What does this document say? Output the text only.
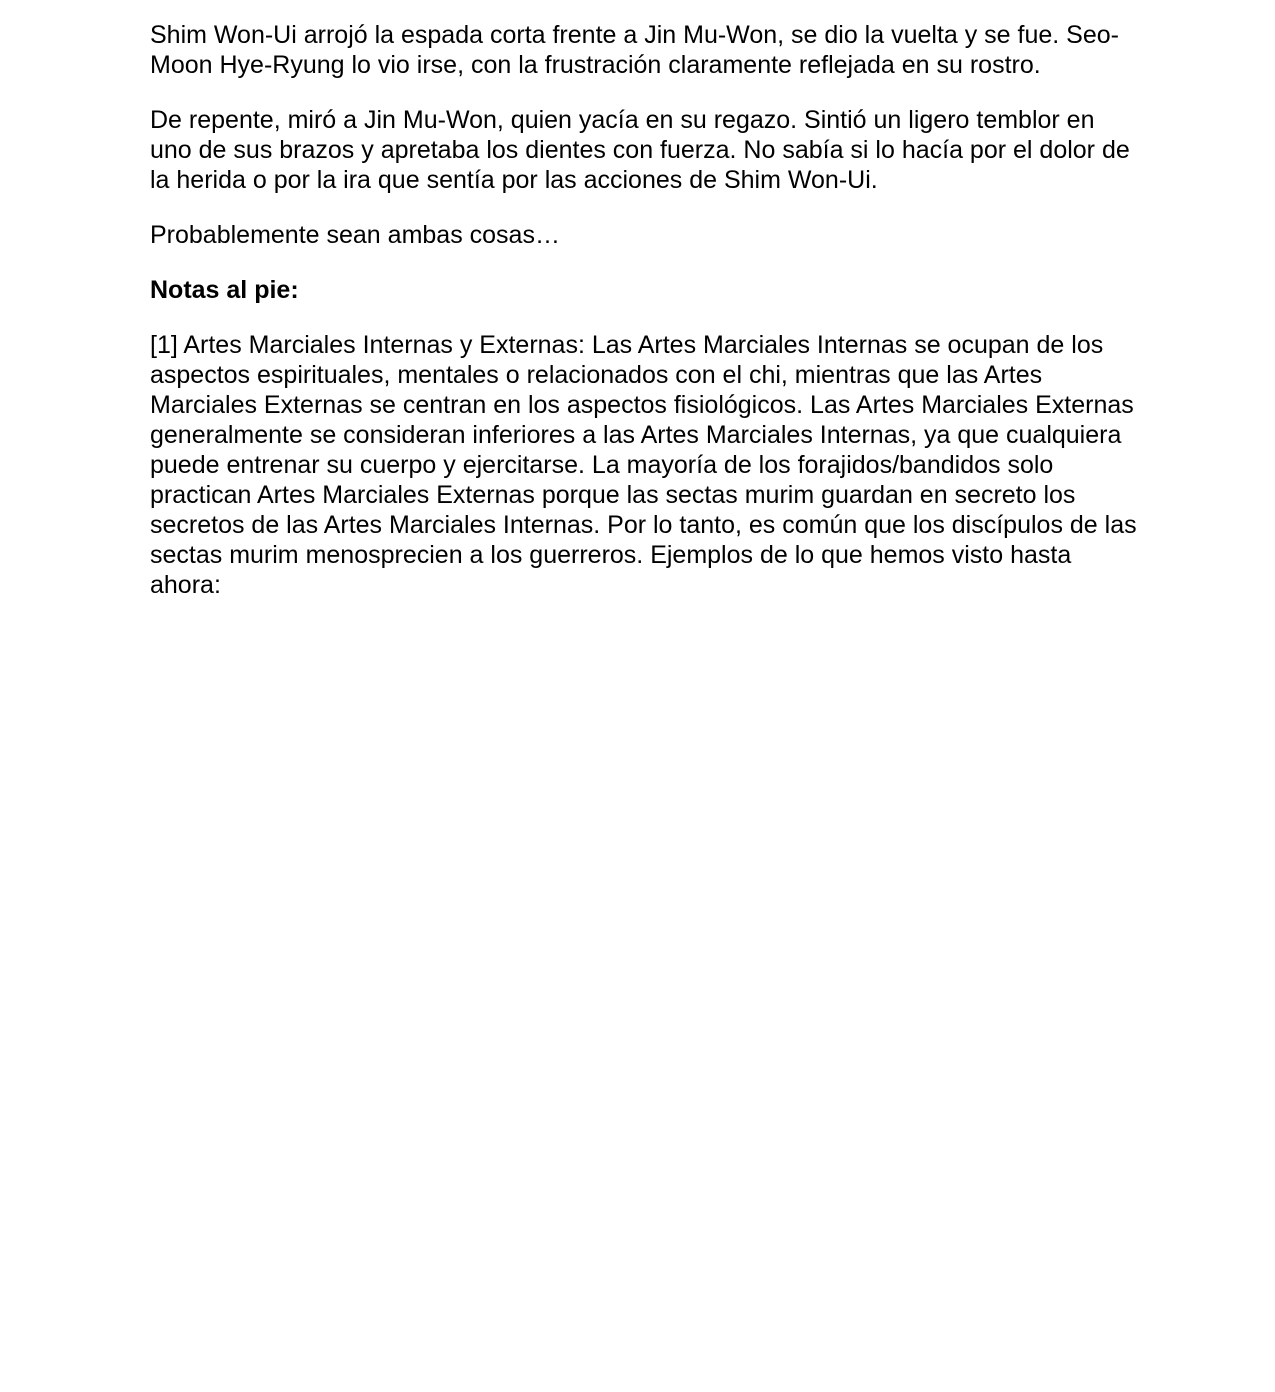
Shim Won-Ui arrojó la espada corta frente a Jin Mu-Won, se dio la vuelta y se fue. Seo-Moon Hye-Ryung lo vio irse, con la frustración claramente reflejada en su rostro.

De repente, miró a Jin Mu-Won, quien yacía en su regazo. Sintió un ligero temblor en uno de sus brazos y apretaba los dientes con fuerza. No sabía si lo hacía por el dolor de la herida o por la ira que sentía por las acciones de Shim Won-Ui.

Probablemente sean ambas cosas…

Notas al pie:

[1] Artes Marciales Internas y Externas: Las Artes Marciales Internas se ocupan de los aspectos espirituales, mentales o relacionados con el chi, mientras que las Artes Marciales Externas se centran en los aspectos fisiológicos. Las Artes Marciales Externas generalmente se consideran inferiores a las Artes Marciales Internas, ya que cualquiera puede entrenar su cuerpo y ejercitarse. La mayoría de los forajidos/bandidos solo practican Artes Marciales Externas porque las sectas murim guardan en secreto los secretos de las Artes Marciales Internas. Por lo tanto, es común que los discípulos de las sectas murim menosprecien a los guerreros. Ejemplos de lo que hemos visto hasta ahora:
